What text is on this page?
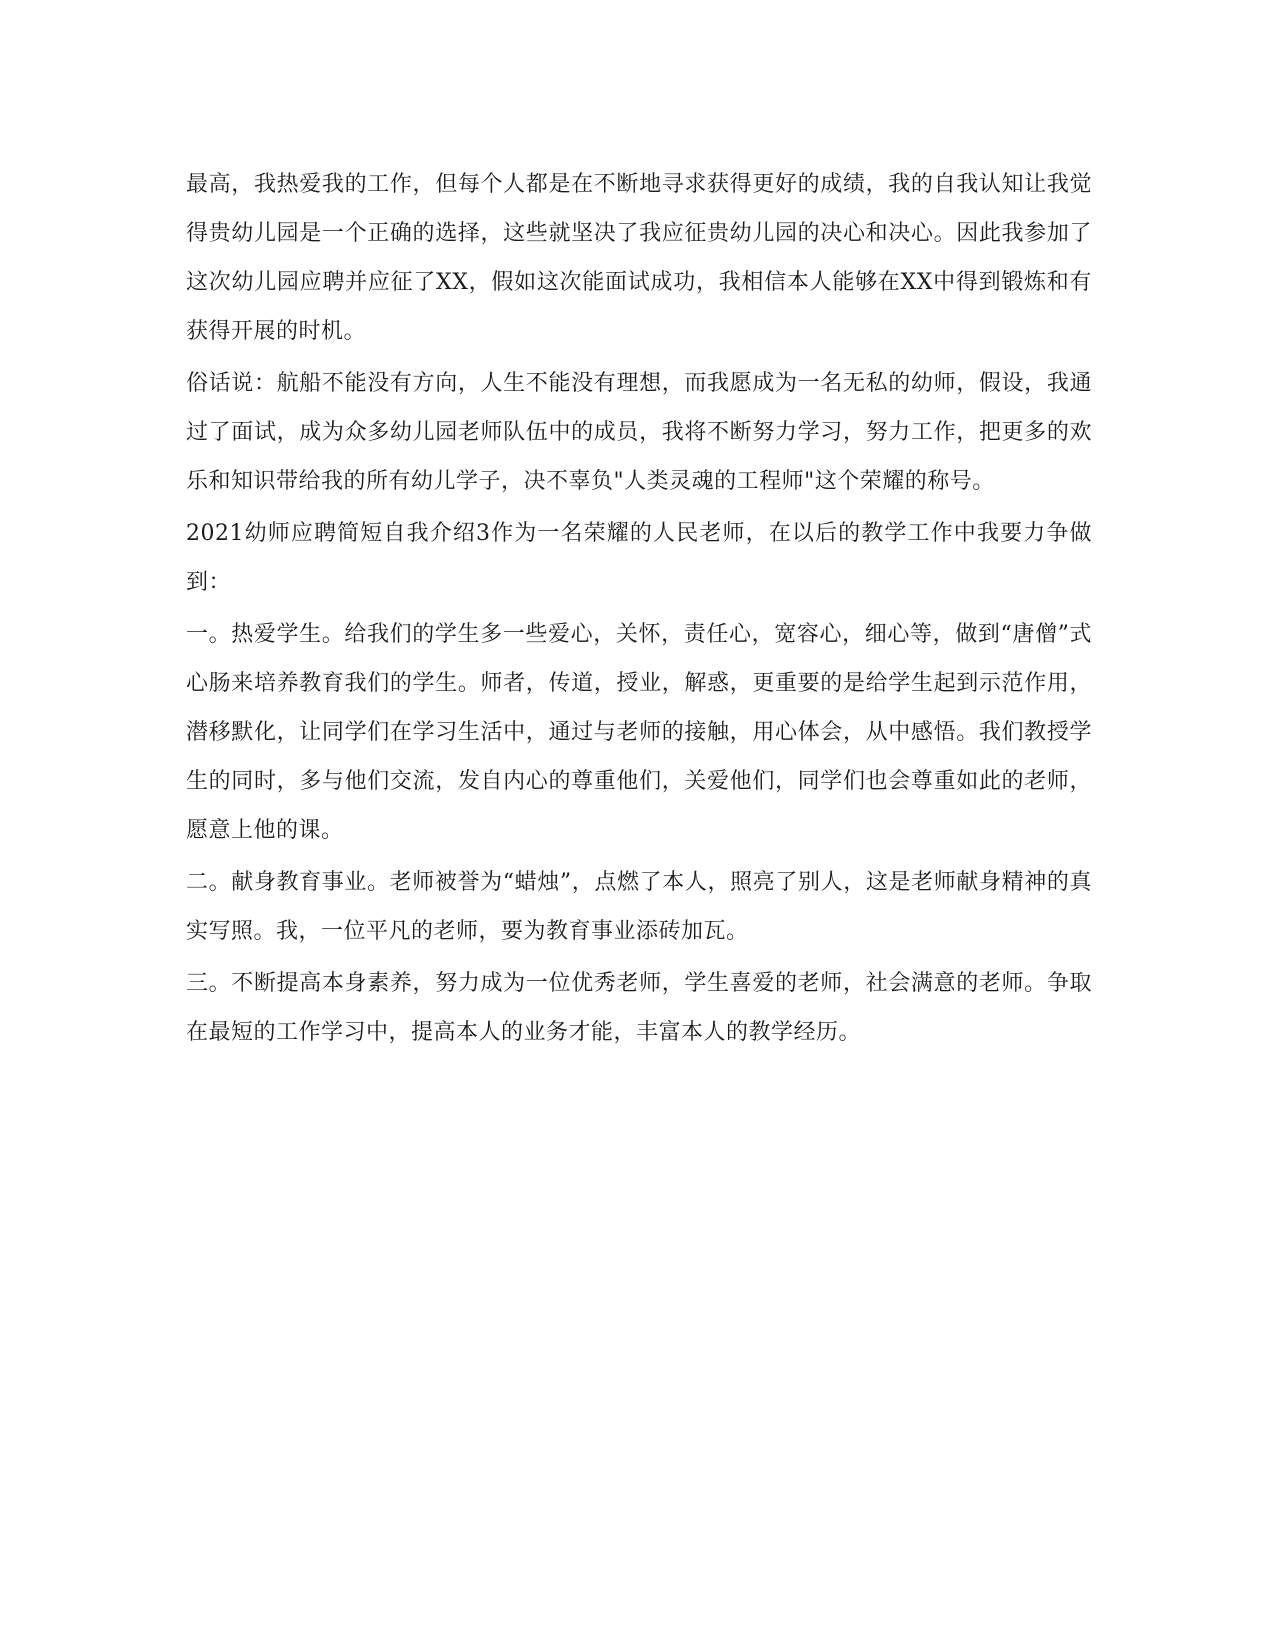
最高，我热爱我的工作，但每个人都是在不断地寻求获得更好的成绩，我的自我认知让我觉得贵幼儿园是一个正确的选择，这些就坚决了我应征贵幼儿园的决心和决心。因此我参加了这次幼儿园应聘并应征了XX，假如这次能面试成功，我相信本人能够在XX中得到锻炼和有获得开展的时机。

俗话说：航船不能没有方向，人生不能没有理想，而我愿成为一名无私的幼师，假设，我通过了面试，成为众多幼儿园老师队伍中的成员，我将不断努力学习，努力工作，把更多的欢乐和知识带给我的所有幼儿学子，决不辜负"人类灵魂的工程师"这个荣耀的称号。

2021幼师应聘简短自我介绍3作为一名荣耀的人民老师，在以后的教学工作中我要力争做到：

一。热爱学生。给我们的学生多一些爱心，关怀，责任心，宽容心，细心等，做到“唐僧”式心肠来培养教育我们的学生。师者，传道，授业，解惑，更重要的是给学生起到示范作用，潜移默化，让同学们在学习生活中，通过与老师的接触，用心体会，从中感悟。我们教授学生的同时，多与他们交流，发自内心的尊重他们，关爱他们，同学们也会尊重如此的老师，愿意上他的课。

二。献身教育事业。老师被誉为“蜡烛”，点燃了本人，照亮了别人，这是老师献身精神的真实写照。我，一位平凡的老师，要为教育事业添砖加瓦。

三。不断提高本身素养，努力成为一位优秀老师，学生喜爱的老师，社会满意的老师。争取在最短的工作学习中，提高本人的业务才能，丰富本人的教学经历。
